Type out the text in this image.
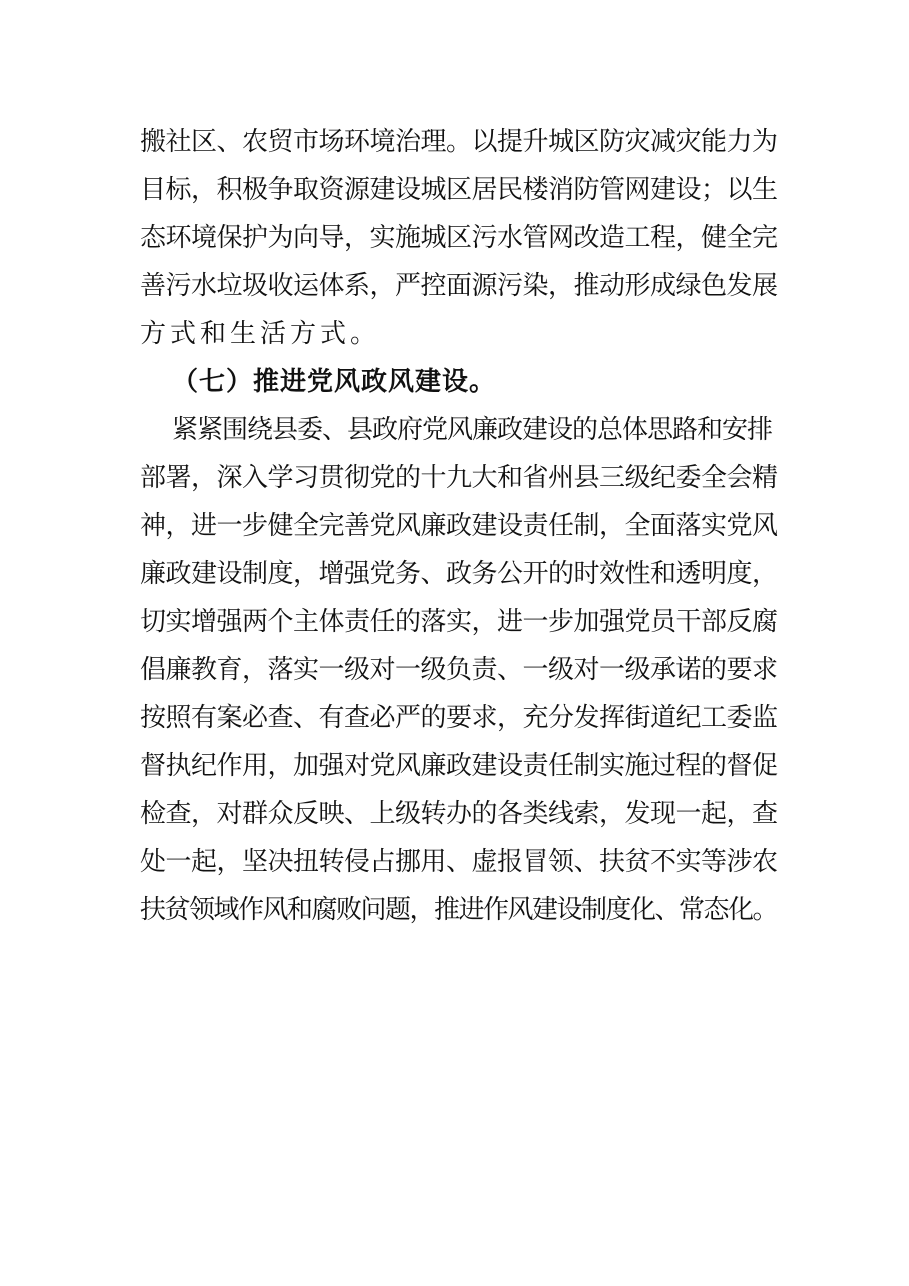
搬社区、农贸市场环境治理。以提升城区防灾减灾能力为
目标，积极争取资源建设城区居民楼消防管网建设；以生
态环境保护为向导，实施城区污水管网改造工程，健全完
善污水垃圾收运体系，严控面源污染，推动形成绿色发展
方式和生活方式。
（七）推进党风政风建设。
紧紧围绕县委、县政府党风廉政建设的总体思路和安排
部署，深入学习贯彻党的十九大和省州县三级纪委全会精
神，进一步健全完善党风廉政建设责任制，全面落实党风
廉政建设制度，增强党务、政务公开的时效性和透明度，
切实增强两个主体责任的落实，进一步加强党员干部反腐
倡廉教育，落实一级对一级负责、一级对一级承诺的要求
按照有案必查、有查必严的要求，充分发挥街道纪工委监
督执纪作用，加强对党风廉政建设责任制实施过程的督促
检查，对群众反映、上级转办的各类线索，发现一起，查
处一起，坚决扭转侵占挪用、虚报冒领、扶贫不实等涉农
扶贫领域作风和腐败问题，推进作风建设制度化、常态化。
